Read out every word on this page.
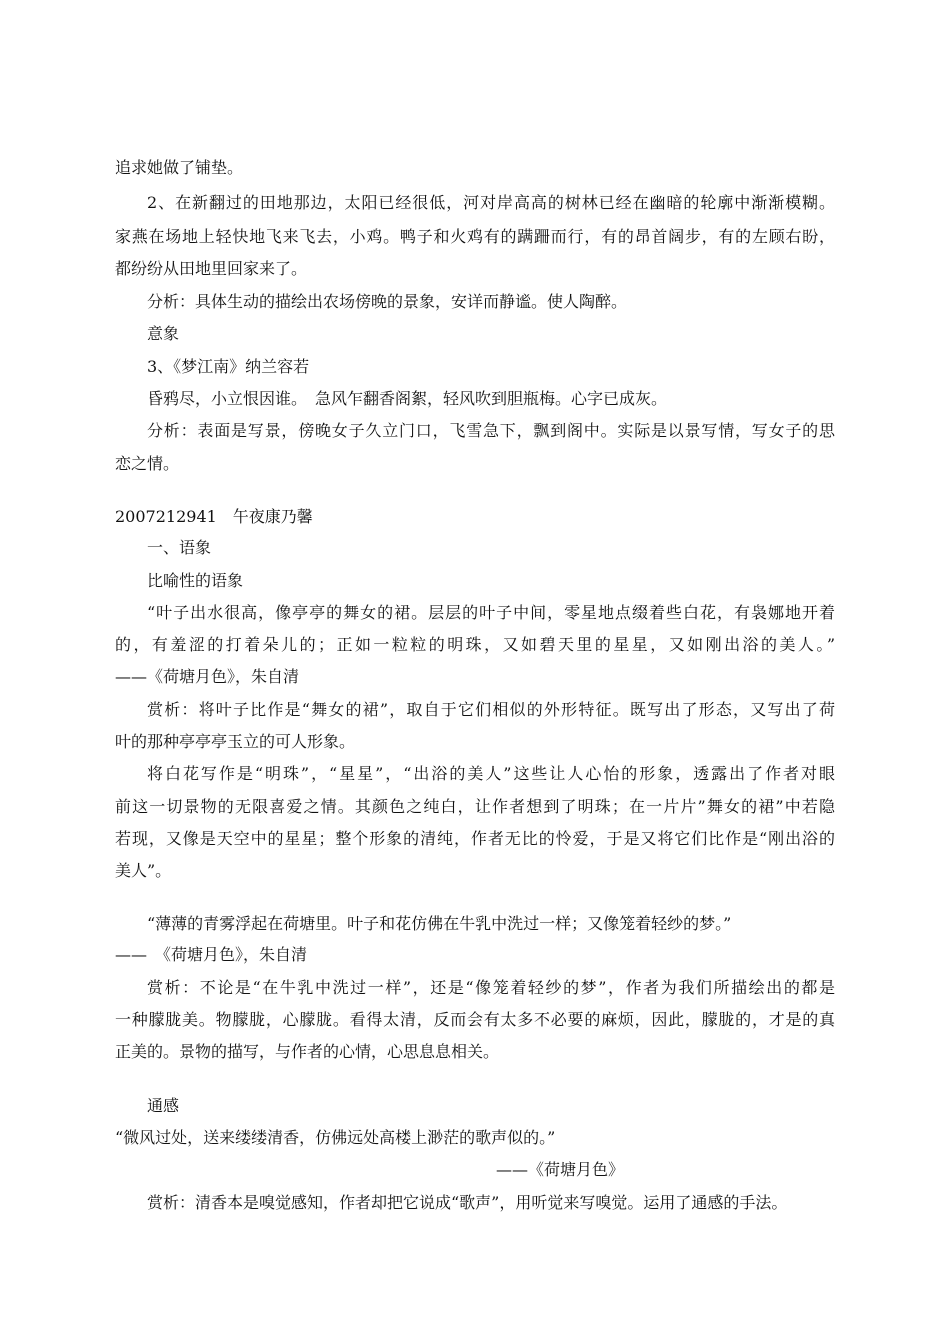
追求她做了铺垫。
2、在新翻过的田地那边，太阳已经很低，河对岸高高的树林已经在幽暗的轮廓中渐渐模糊。
家燕在场地上轻快地飞来飞去，小鸡。鸭子和火鸡有的蹒跚而行，有的昂首阔步，有的左顾右盼，
都纷纷从田地里回家来了。
分析：具体生动的描绘出农场傍晚的景象，安详而静谧。使人陶醉。
意象
3、《梦江南》纳兰容若
昏鸦尽，小立恨因谁。　急风乍翻香阁絮，轻风吹到胆瓶梅。心字已成灰。
分析：表面是写景，傍晚女子久立门口，飞雪急下，飘到阁中。实际是以景写情，写女子的思
恋之情。
2007212941　午夜康乃馨
一、语象
比喻性的语象
“叶子出水很高，像亭亭的舞女的裙。层层的叶子中间，零星地点缀着些白花，有袅娜地开着
的，有羞涩的打着朵儿的；正如一粒粒的明珠，又如碧天里的星星，又如刚出浴的美人。”
——《荷塘月色》，朱自清
赏析：将叶子比作是“舞女的裙”，取自于它们相似的外形特征。既写出了形态，又写出了荷
叶的那种亭亭亭玉立的可人形象。
将白花写作是“明珠”，“星星”，“出浴的美人”这些让人心怡的形象，透露出了作者对眼
前这一切景物的无限喜爱之情。其颜色之纯白，让作者想到了明珠；在一片片”舞女的裙”中若隐
若现，又像是天空中的星星；整个形象的清纯，作者无比的怜爱，于是又将它们比作是“刚出浴的
美人”。
“薄薄的青雾浮起在荷塘里。叶子和花仿佛在牛乳中洗过一样；又像笼着轻纱的梦。”
——　《荷塘月色》，朱自清
赏析：不论是“在牛乳中洗过一样”，还是“像笼着轻纱的梦”，作者为我们所描绘出的都是
一种朦胧美。物朦胧，心朦胧。看得太清，反而会有太多不必要的麻烦，因此，朦胧的，才是的真
正美的。景物的描写，与作者的心情，心思息息相关。
通感
“微风过处，送来缕缕清香，仿佛远处高楼上渺茫的歌声似的。”
——《荷塘月色》
赏析：清香本是嗅觉感知，作者却把它说成“歌声”，用听觉来写嗅觉。运用了通感的手法。
